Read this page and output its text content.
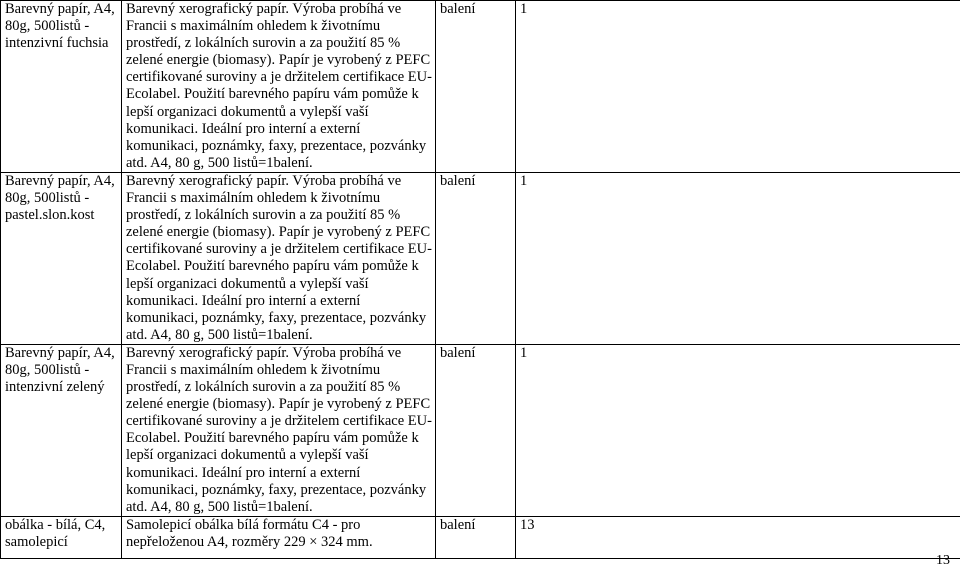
Barevný papír, A4, 80g, 500listů - intenzivní fuchsia	Barevný xerografický papír. Výroba probíhá ve Francii s maximálním ohledem k životnímu prostředí, z lokálních surovin a za použití 85 % zelené energie (biomasy). Papír je vyrobený z PEFC certifikované suroviny a je držitelem certifikace EU-Ecolabel. Použití barevného papíru vám pomůže k lepší organizaci dokumentů a vylepší vaší komunikaci. Ideální pro interní a externí komunikaci, poznámky, faxy, prezentace, pozvánky atd. A4, 80 g, 500 listů=1balení.	balení	1
Barevný papír, A4, 80g, 500listů - pastel.slon.kost	Barevný xerografický papír. Výroba probíhá ve Francii s maximálním ohledem k životnímu prostředí, z lokálních surovin a za použití 85 % zelené energie (biomasy). Papír je vyrobený z PEFC certifikované suroviny a je držitelem certifikace EU-Ecolabel. Použití barevného papíru vám pomůže k lepší organizaci dokumentů a vylepší vaší komunikaci. Ideální pro interní a externí komunikaci, poznámky, faxy, prezentace, pozvánky atd. A4, 80 g, 500 listů=1balení.	balení	1
Barevný papír, A4, 80g, 500listů - intenzivní zelený	Barevný xerografický papír. Výroba probíhá ve Francii s maximálním ohledem k životnímu prostředí, z lokálních surovin a za použití 85 % zelené energie (biomasy). Papír je vyrobený z PEFC certifikované suroviny a je držitelem certifikace EU-Ecolabel. Použití barevného papíru vám pomůže k lepší organizaci dokumentů a vylepší vaší komunikaci. Ideální pro interní a externí komunikaci, poznámky, faxy, prezentace, pozvánky atd. A4, 80 g, 500 listů=1balení.	balení	1
obálka - bílá, C4, samolepicí	Samolepicí obálka bílá formátu C4 - pro nepřeloženou A4, rozměry 229 × 324 mm.	balení	13
13
